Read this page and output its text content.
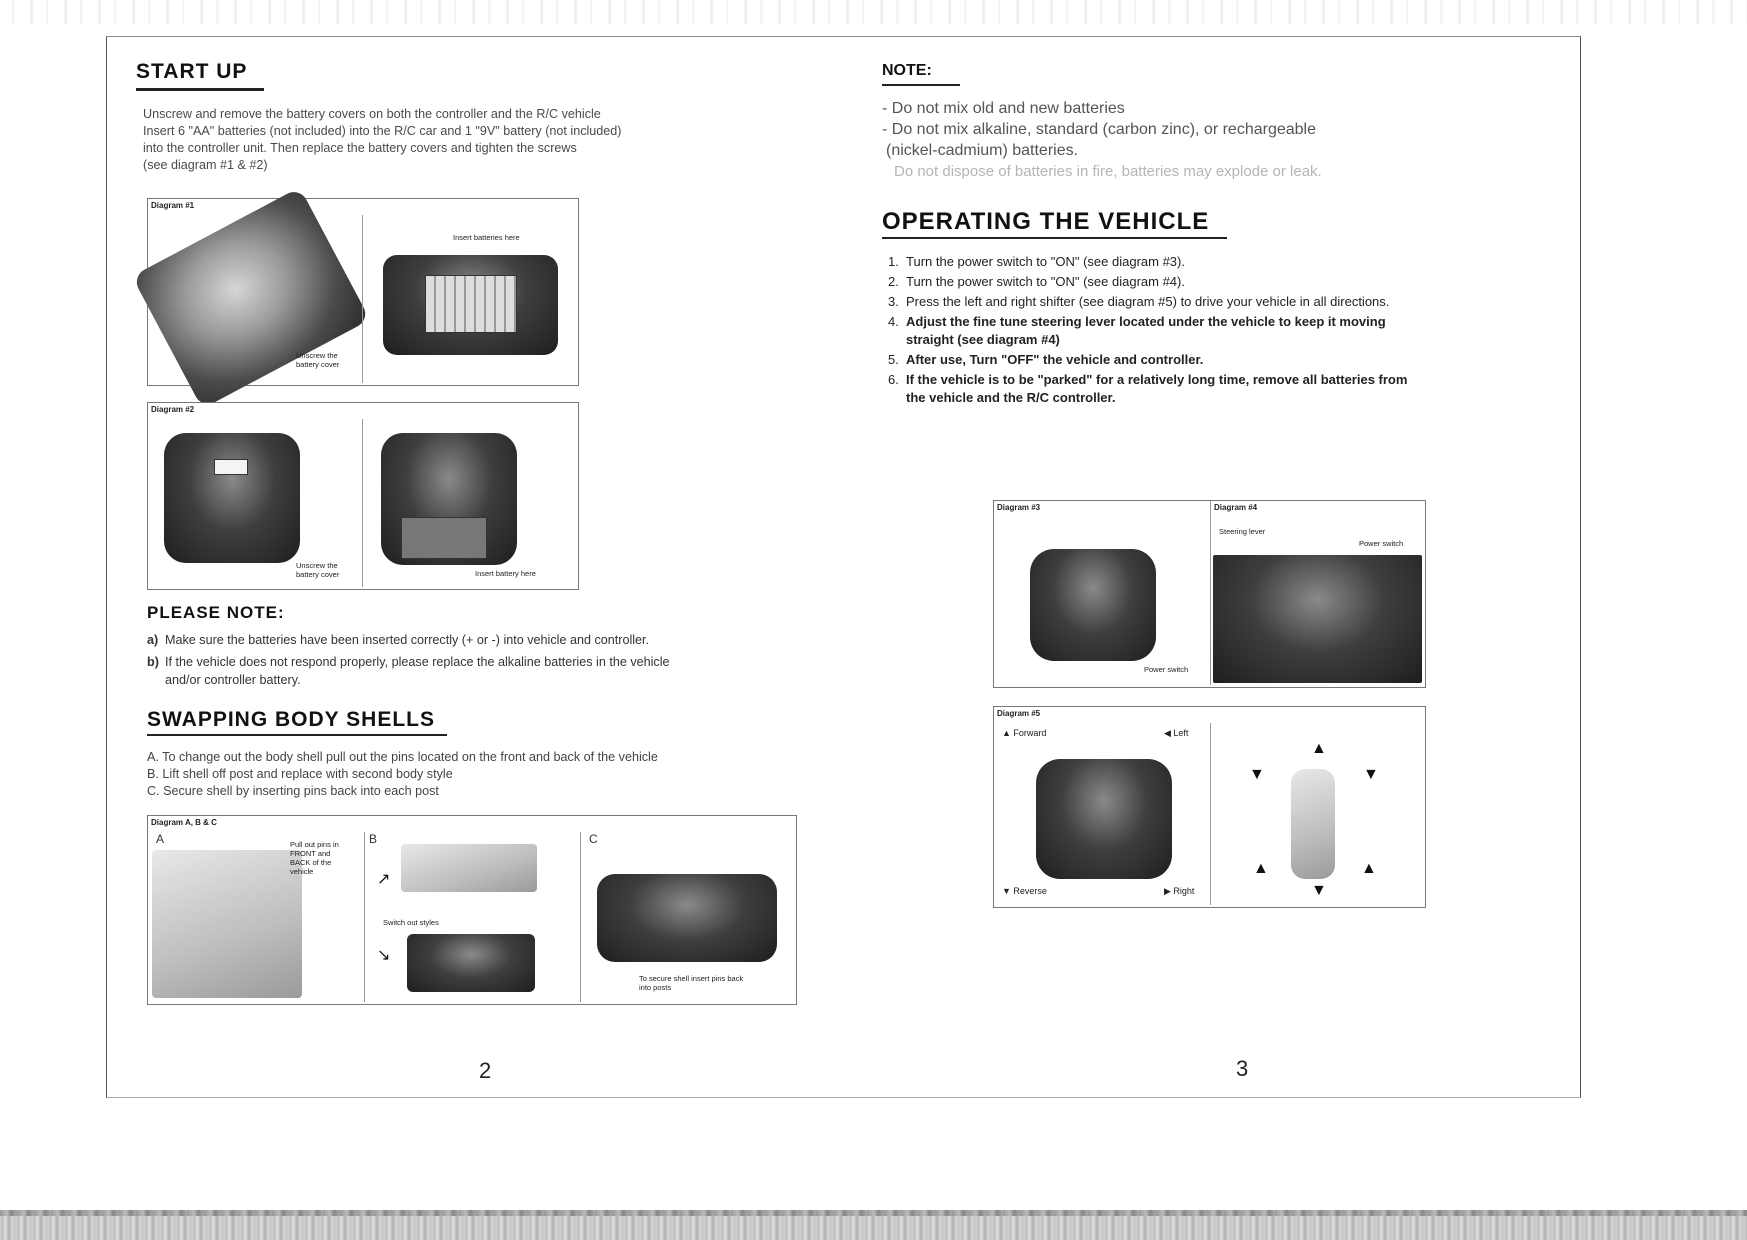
START UP
Unscrew and remove the battery covers on both the controller and the R/C vehicle
Insert 6 "AA" batteries (not included) into the R/C car and 1 "9V" battery (not included)
into the controller unit. Then replace the battery covers and tighten the screws
(see diagram #1 & #2)
Diagram #1
Unscrew the battery cover
Insert batteries here
Diagram #2
Unscrew the battery cover	Insert battery here
PLEASE NOTE:
a) Make sure the batteries have been inserted correctly (+ or -) into vehicle and controller.
b) If the vehicle does not respond properly, please replace the alkaline batteries in the vehicle
and/or controller battery.
SWAPPING BODY SHELLS
A. To change out the body shell pull out the pins located on the front and back of the vehicle
B. Lift shell off post and replace with second body style
C. Secure shell by inserting pins back into each post
Diagram A, B & C
A	Pull out pins in FRONT and BACK of the vehicle
B
↗
Switch out styles
↘
C
To secure shell insert pins back into posts
2
NOTE:
- Do not mix old and new batteries
- Do not mix alkaline, standard (carbon zinc), or rechargeable
(nickel-cadmium) batteries.
Do not dispose of batteries in fire, batteries may explode or leak.
OPERATING THE VEHICLE
1. Turn the power switch to "ON" (see diagram #3).
2. Turn the power switch to "ON" (see diagram #4).
3. Press the left and right shifter (see diagram #5) to drive your vehicle in all directions.
4. Adjust the fine tune steering lever located under the vehicle to keep it moving
straight (see diagram #4)
5. After use, Turn "OFF" the vehicle and controller.
6. If the vehicle is to be "parked" for a relatively long time, remove all batteries from
the vehicle and the R/C controller.
Diagram #3
Power switch
Diagram #4
Steering lever
Power switch
Diagram #5
▲ Forward	◀ Left
▼ Reverse	▶ Right
▲
▼	▼
▲	▲
▼
3
